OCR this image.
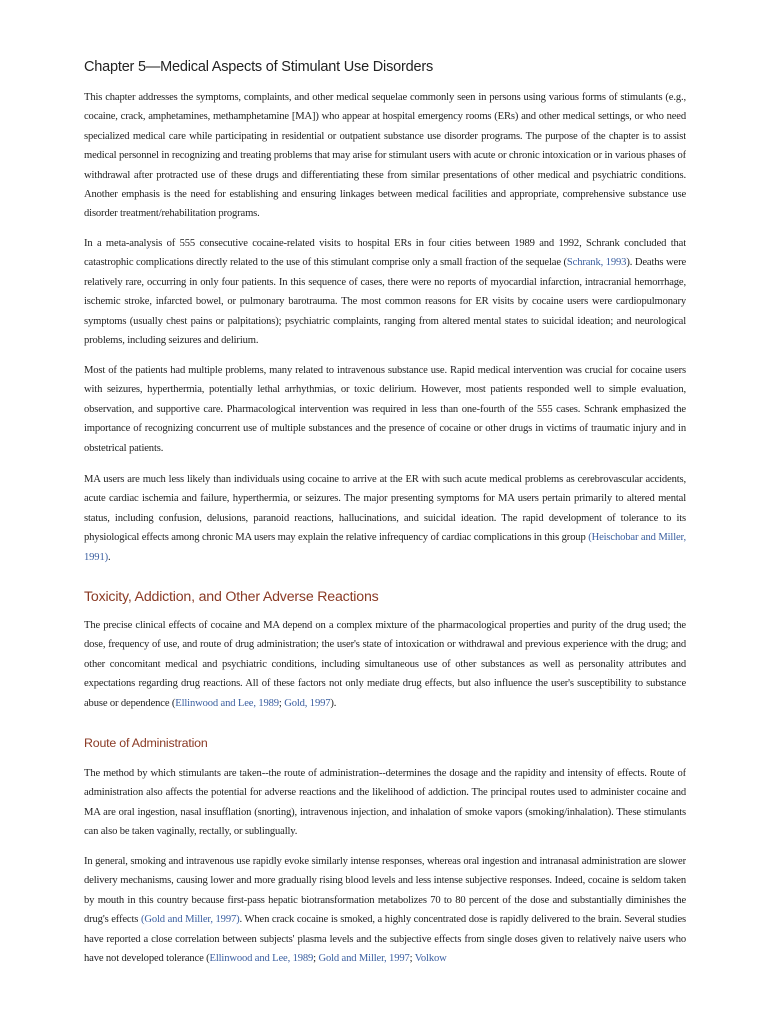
Chapter 5—Medical Aspects of Stimulant Use Disorders

This chapter addresses the symptoms, complaints, and other medical sequelae commonly seen in persons using various forms of stimulants (e.g., cocaine, crack, amphetamines, methamphetamine [MA]) who appear at hospital emergency rooms (ERs) and other medical settings, or who need specialized medical care while participating in residential or outpatient substance use disorder programs. The purpose of the chapter is to assist medical personnel in recognizing and treating problems that may arise for stimulant users with acute or chronic intoxication or in various phases of withdrawal after protracted use of these drugs and differentiating these from similar presentations of other medical and psychiatric conditions. Another emphasis is the need for establishing and ensuring linkages between medical facilities and appropriate, comprehensive substance use disorder treatment/rehabilitation programs.

In a meta-analysis of 555 consecutive cocaine-related visits to hospital ERs in four cities between 1989 and 1992, Schrank concluded that catastrophic complications directly related to the use of this stimulant comprise only a small fraction of the sequelae (Schrank, 1993). Deaths were relatively rare, occurring in only four patients. In this sequence of cases, there were no reports of myocardial infarction, intracranial hemorrhage, ischemic stroke, infarcted bowel, or pulmonary barotrauma. The most common reasons for ER visits by cocaine users were cardiopulmonary symptoms (usually chest pains or palpitations); psychiatric complaints, ranging from altered mental states to suicidal ideation; and neurological problems, including seizures and delirium.

Most of the patients had multiple problems, many related to intravenous substance use. Rapid medical intervention was crucial for cocaine users with seizures, hyperthermia, potentially lethal arrhythmias, or toxic delirium. However, most patients responded well to simple evaluation, observation, and supportive care. Pharmacological intervention was required in less than one-fourth of the 555 cases. Schrank emphasized the importance of recognizing concurrent use of multiple substances and the presence of cocaine or other drugs in victims of traumatic injury and in obstetrical patients.

MA users are much less likely than individuals using cocaine to arrive at the ER with such acute medical problems as cerebrovascular accidents, acute cardiac ischemia and failure, hyperthermia, or seizures. The major presenting symptoms for MA users pertain primarily to altered mental status, including confusion, delusions, paranoid reactions, hallucinations, and suicidal ideation. The rapid development of tolerance to its physiological effects among chronic MA users may explain the relative infrequency of cardiac complications in this group (Heischobar and Miller, 1991).

Toxicity, Addiction, and Other Adverse Reactions

The precise clinical effects of cocaine and MA depend on a complex mixture of the pharmacological properties and purity of the drug used; the dose, frequency of use, and route of drug administration; the user's state of intoxication or withdrawal and previous experience with the drug; and other concomitant medical and psychiatric conditions, including simultaneous use of other substances as well as personality attributes and expectations regarding drug reactions. All of these factors not only mediate drug effects, but also influence the user's susceptibility to substance abuse or dependence (Ellinwood and Lee, 1989; Gold, 1997).

Route of Administration

The method by which stimulants are taken--the route of administration--determines the dosage and the rapidity and intensity of effects. Route of administration also affects the potential for adverse reactions and the likelihood of addiction. The principal routes used to administer cocaine and MA are oral ingestion, nasal insufflation (snorting), intravenous injection, and inhalation of smoke vapors (smoking/inhalation). These stimulants can also be taken vaginally, rectally, or sublingually.

In general, smoking and intravenous use rapidly evoke similarly intense responses, whereas oral ingestion and intranasal administration are slower delivery mechanisms, causing lower and more gradually rising blood levels and less intense subjective responses. Indeed, cocaine is seldom taken by mouth in this country because first-pass hepatic biotransformation metabolizes 70 to 80 percent of the dose and substantially diminishes the drug's effects (Gold and Miller, 1997). When crack cocaine is smoked, a highly concentrated dose is rapidly delivered to the brain. Several studies have reported a close correlation between subjects' plasma levels and the subjective effects from single doses given to relatively naive users who have not developed tolerance (Ellinwood and Lee, 1989; Gold and Miller, 1997; Volkow
